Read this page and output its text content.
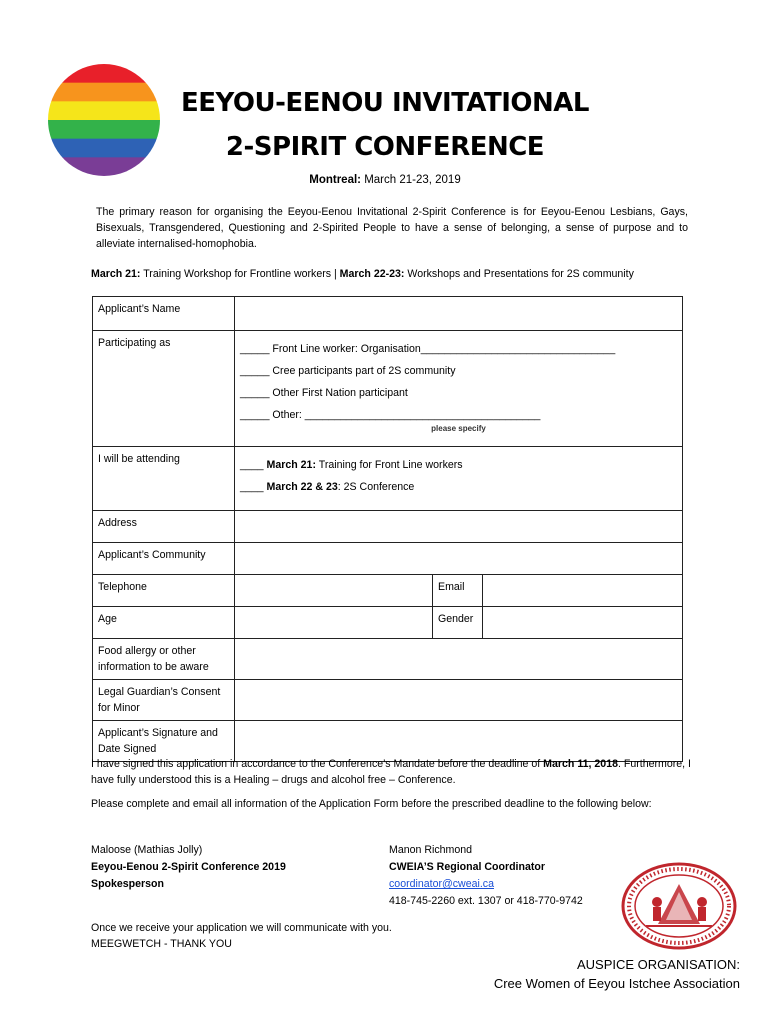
EEYOU-EENOU INVITATIONAL
2-SPIRIT CONFERENCE
Montreal: March 21-23, 2019

The primary reason for organising the Eeyou-Eenou Invitational 2-Spirit Conference is for Eeyou-Eenou Lesbians, Gays, Bisexuals, Transgendered, Questioning and 2-Spirited People to have a sense of belonging, a sense of purpose and to alleviate internalised-homophobia.

March 21: Training Workshop for Frontline workers | March 22-23: Workshops and Presentations for 2S community

Applicant’s Name			
Participating as	_____ Front Line worker: Organisation_________________________________
_____ Cree participants part of 2S community
_____ Other First Nation participant
_____ Other: ________________________________________
please specify		

I will be attending	____ March 21: Training for Front Line workers
____ March 22 & 23: 2S Conference		

Address			
Applicant’s Community			
Telephone		Email	
Age		Gender	
Food allergy or other information to be aware			
Legal Guardian’s Consent for Minor			
Applicant’s Signature and Date Signed			

I have signed this application in accordance to the Conference’s Mandate before the deadline of March 11, 2018. Furthermore, I have fully understood this is a Healing – drugs and alcohol free – Conference.

Please complete and email all information of the Application Form before the prescribed deadline to the following below:

Maloose (Mathias Jolly)
Eeyou-Eenou 2-Spirit Conference 2019
Spokesperson
Manon Richmond
CWEIA’S Regional Coordinator
coordinator@cweai.ca
418-745-2260 ext. 1307 or 418-770-9742
Once we receive your application we will communicate with you.
MEEGWETCH - THANK YOU
AUSPICE ORGANISATION:
Cree Women of Eeyou Istchee Association
